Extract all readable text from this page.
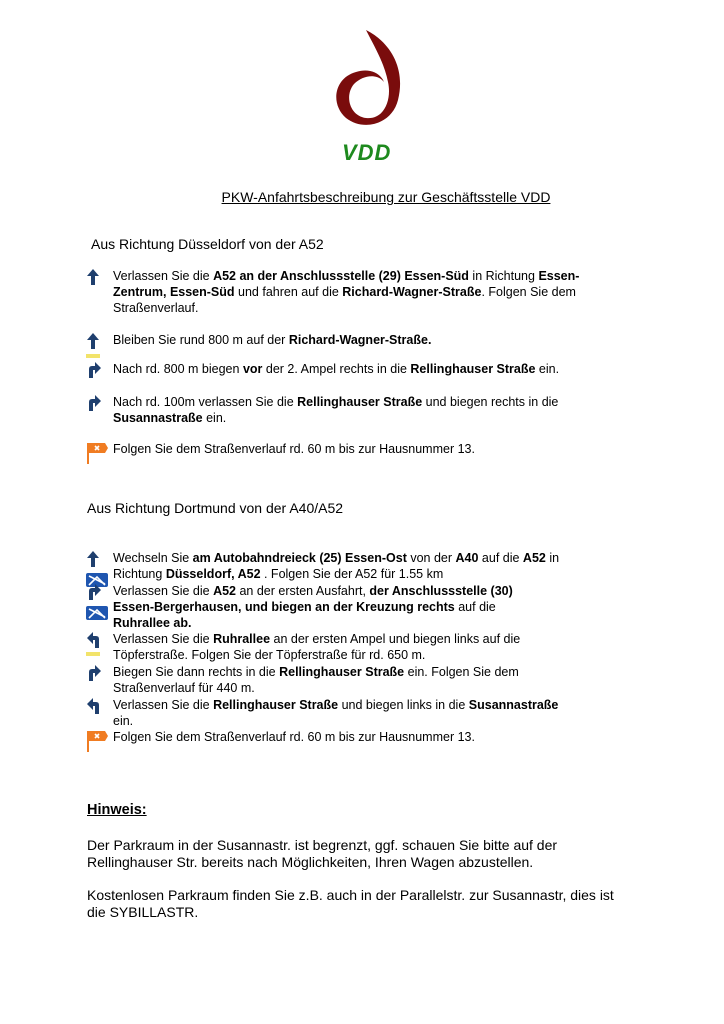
VDD
PKW-Anfahrtsbeschreibung zur Geschäftsstelle VDD
Aus Richtung Düsseldorf von der A52
Verlassen Sie die A52 an der Anschlussstelle (29) Essen-Süd in Richtung Essen-Zentrum, Essen-Süd und fahren auf die Richard-Wagner-Straße. Folgen Sie dem Straßenverlauf.
Bleiben Sie rund 800 m auf der Richard-Wagner-Straße.
Nach rd. 800 m biegen vor der 2. Ampel rechts in die Rellinghauser Straße ein.
Nach rd. 100m verlassen Sie die Rellinghauser Straße und biegen rechts in die Susannastraße ein.
Folgen Sie dem Straßenverlauf rd. 60 m bis zur Hausnummer 13.
Aus Richtung Dortmund von der A40/A52
Wechseln Sie am Autobahndreieck (25) Essen-Ost von der A40 auf die A52 in Richtung Düsseldorf, A52 . Folgen Sie der A52 für 1.55 km
Verlassen Sie die A52 an der ersten Ausfahrt, der Anschlussstelle (30) Essen-Bergerhausen, und biegen an der Kreuzung rechts auf die Ruhrallee ab.
Verlassen Sie die Ruhrallee an der ersten Ampel und biegen links auf die Töpferstraße. Folgen Sie der Töpferstraße für rd. 650 m.
Biegen Sie dann rechts in die Rellinghauser Straße ein. Folgen Sie dem Straßenverlauf für 440 m.
Verlassen Sie die Rellinghauser Straße und biegen links in die Susannastraße ein.
Folgen Sie dem Straßenverlauf rd. 60 m bis zur Hausnummer 13.
Hinweis:
Der Parkraum in der Susannastr. ist begrenzt, ggf. schauen Sie bitte auf der Rellinghauser Str. bereits nach Möglichkeiten, Ihren Wagen abzustellen.
Kostenlosen Parkraum finden Sie z.B. auch in der Parallelstr. zur Susannastr, dies ist die SYBILLASTR.
